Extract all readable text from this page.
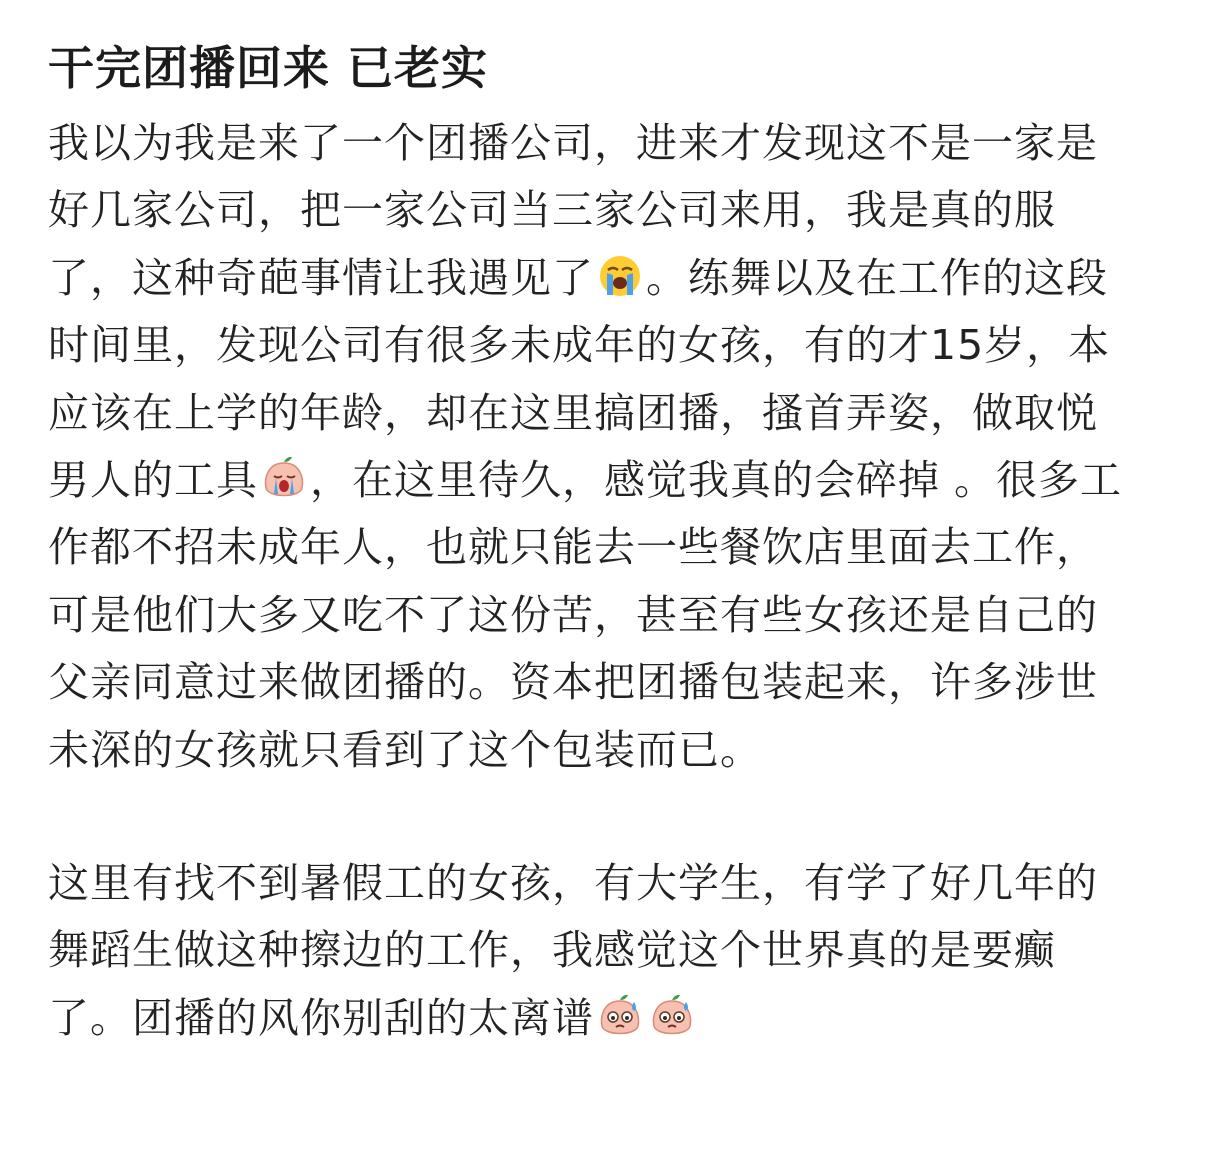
干完团播回来 已老实

我以为我是来了一个团播公司，进来才发现这不是一家是好几家公司，把一家公司当三家公司来用，我是真的服了，这种奇葩事情让我遇见了 。练舞以及在工作的这段时间里，发现公司有很多未成年的女孩，有的才15岁，本应该在上学的年龄，却在这里搞团播，搔首弄姿，做取悦男人的工具 ，在这里待久，感觉我真的会碎掉 。很多工作都不招未成年人，也就只能去一些餐饮店里面去工作，可是他们大多又吃不了这份苦，甚至有些女孩还是自己的父亲同意过来做团播的。资本把团播包装起来，许多涉世未深的女孩就只看到了这个包装而已。

这里有找不到暑假工的女孩，有大学生，有学了好几年的舞蹈生做这种擦边的工作，我感觉这个世界真的是要癫了。团播的风你别刮的太离谱
